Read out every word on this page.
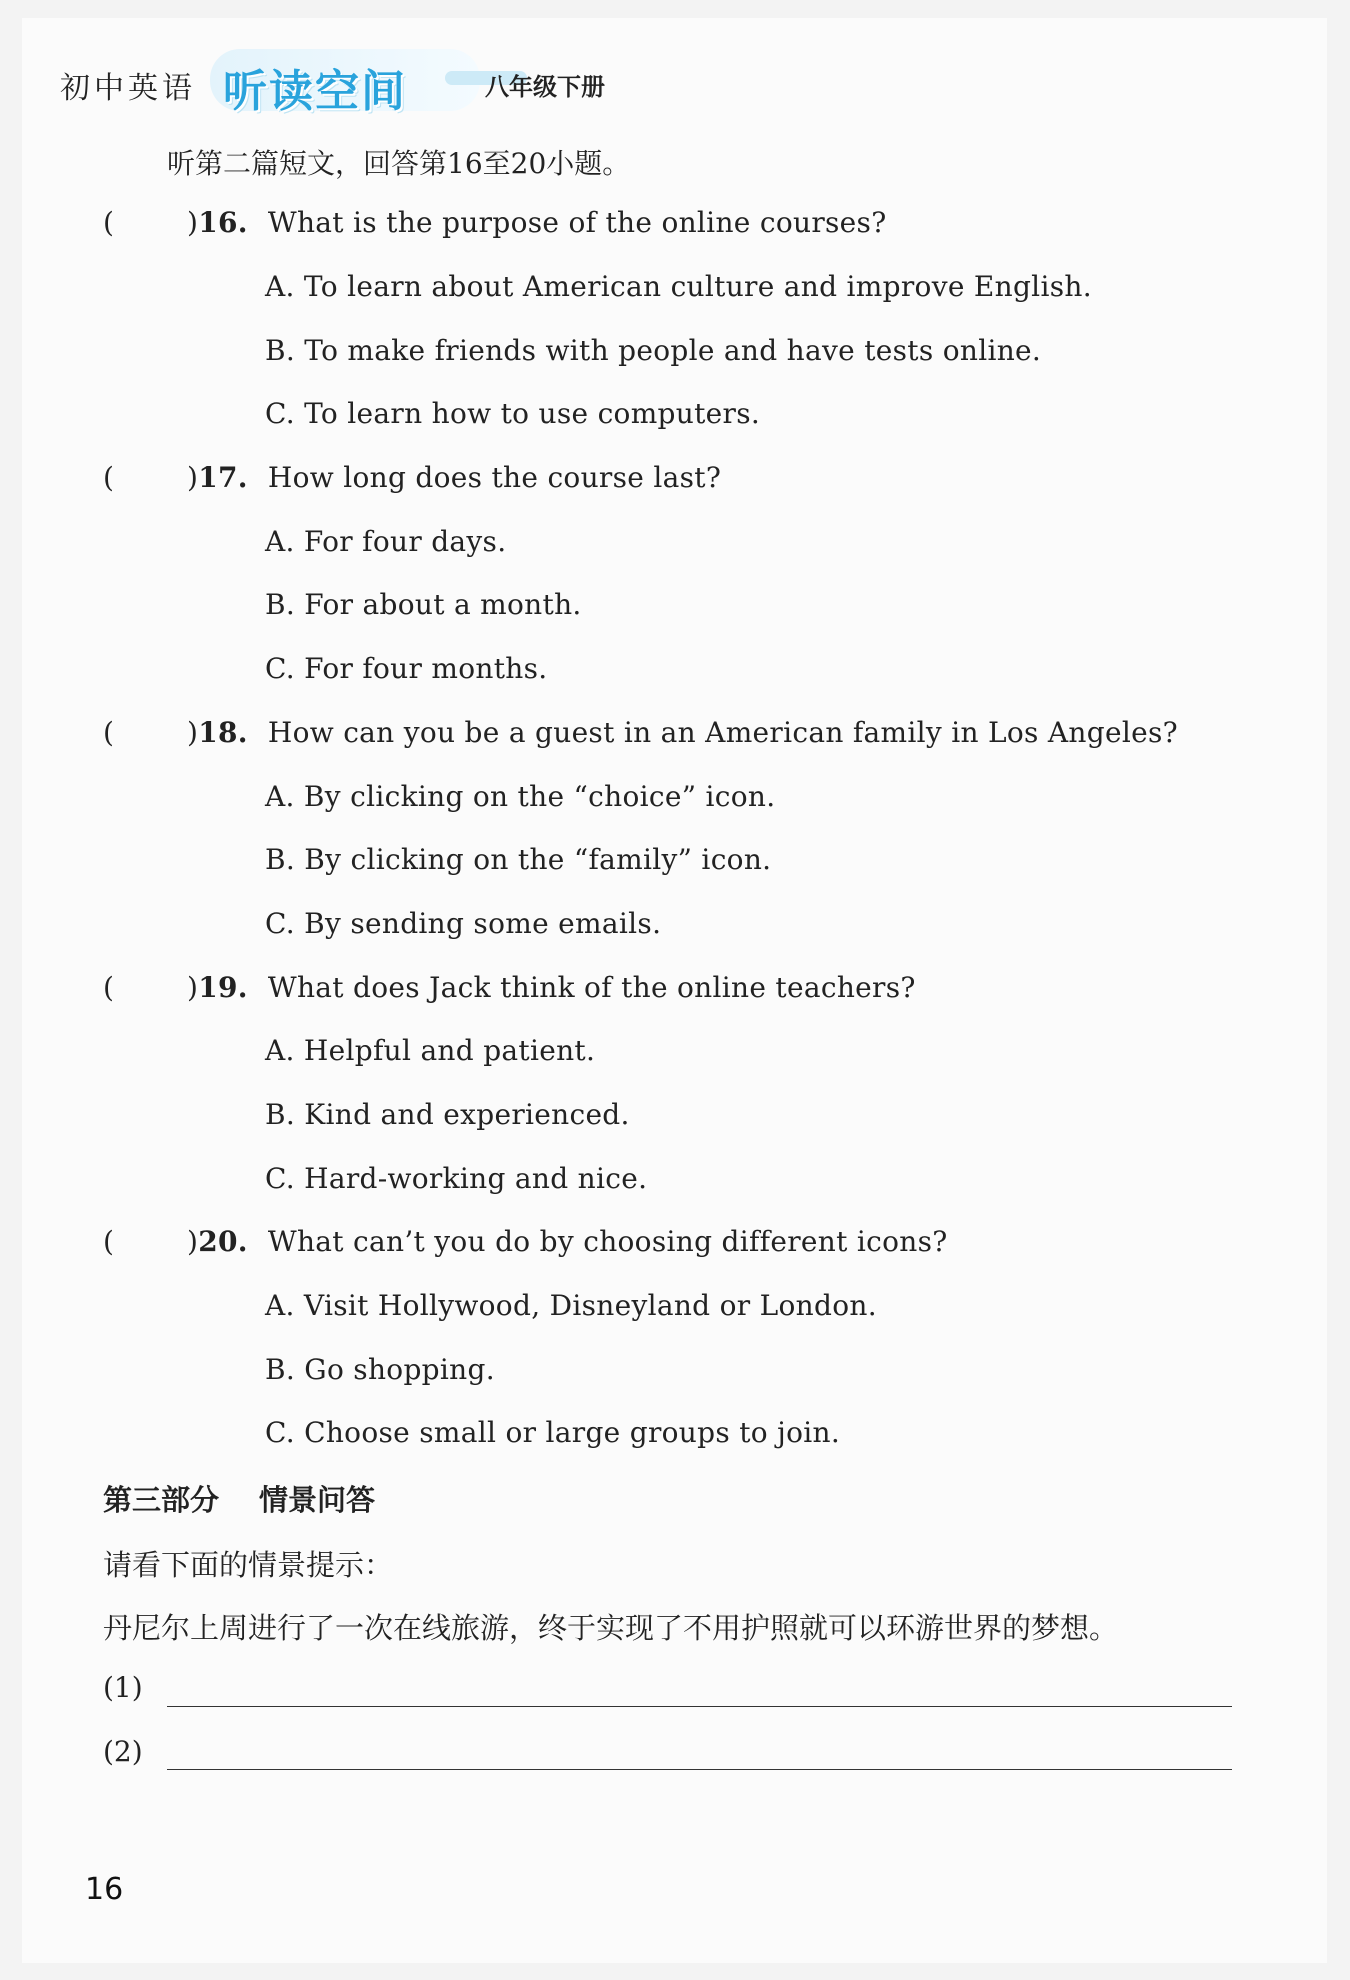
初中英语 听读空间	八年级下册
听第二篇短文，回答第16至20小题。
(	)16. What is the purpose of the online courses?
A. To learn about American culture and improve English.
B. To make friends with people and have tests online.
C. To learn how to use computers.
(	)17. How long does the course last?
A. For four days.
B. For about a month.
C. For four months.
(	)18. How can you be a guest in an American family in Los Angeles?
A. By clicking on the “choice” icon.
B. By clicking on the “family” icon.
C. By sending some emails.
(	)19. What does Jack think of the online teachers?
A. Helpful and patient.
B. Kind and experienced.
C. Hard-working and nice.
(	)20. What can’t you do by choosing different icons?
A. Visit Hollywood, Disneyland or London.
B. Go shopping.
C. Choose small or large groups to join.
第三部分 情景问答
请看下面的情景提示：
丹尼尔上周进行了一次在线旅游，终于实现了不用护照就可以环游世界的梦想。
(1)
(2)
16
